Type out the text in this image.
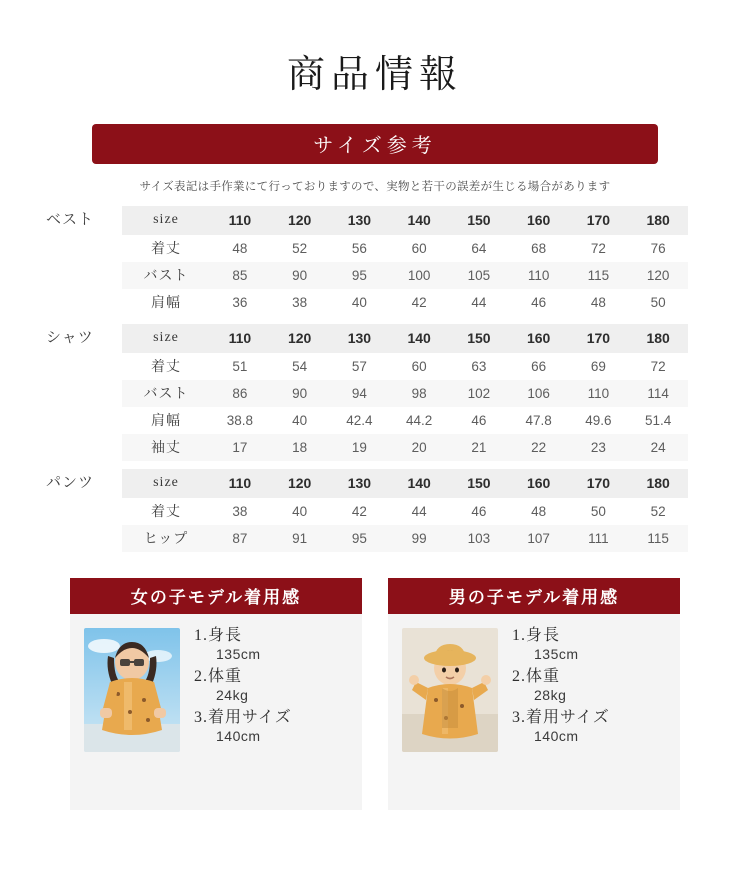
商品情報
サイズ参考
サイズ表記は手作業にて行っておりますので、実物と若干の誤差が生じる場合があります
ベスト	size	110	120	130	140	150	160	170	180
着丈	48	52	56	60	64	68	72	76
バスト	85	90	95	100	105	110	115	120
肩幅	36	38	40	42	44	46	48	50
シャツ	size	110	120	130	140	150	160	170	180
着丈	51	54	57	60	63	66	69	72
バスト	86	90	94	98	102	106	110	114
肩幅	38.8	40	42.4	44.2	46	47.8	49.6	51.4
袖丈	17	18	19	20	21	22	23	24
パンツ	size	110	120	130	140	150	160	170	180
着丈	38	40	42	44	46	48	50	52
ヒップ	87	91	95	99	103	107	111	115
女の子モデル着用感
1.身長
135cm
2.体重
24kg
3.着用サイズ
140cm
男の子モデル着用感
1.身長
135cm
2.体重
28kg
3.着用サイズ
140cm
